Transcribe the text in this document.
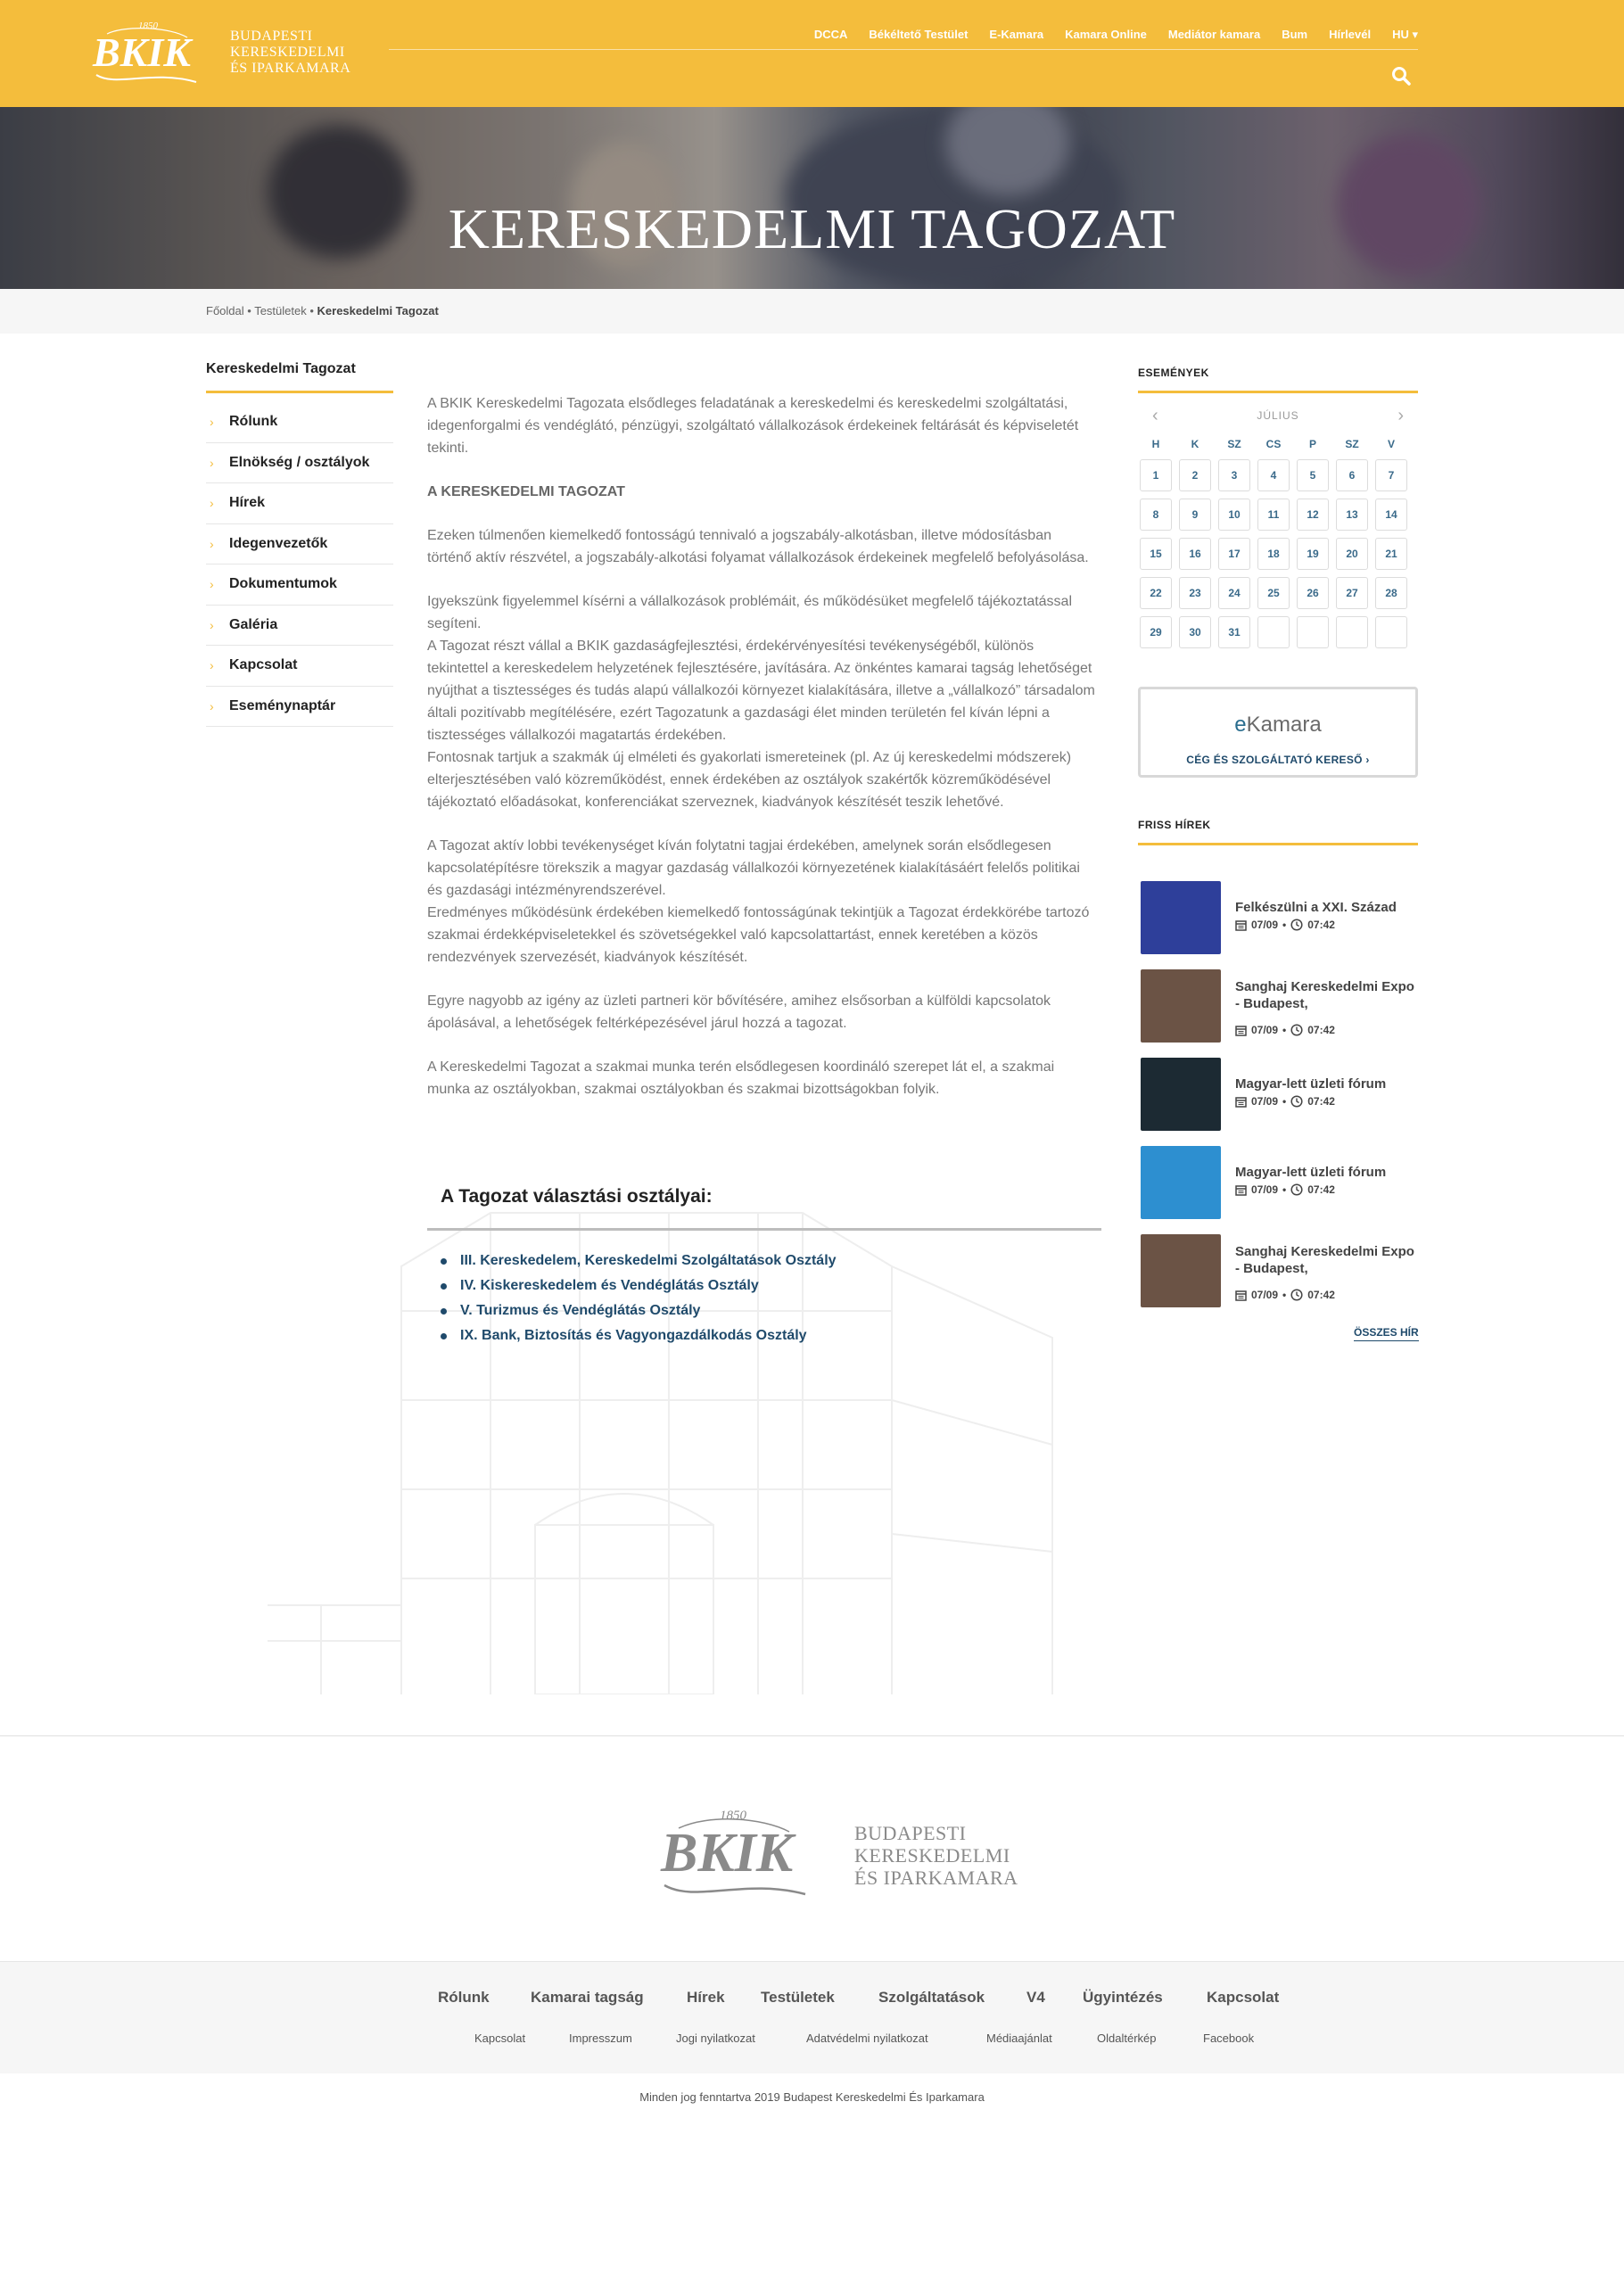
1850
BKIK	BUDAPESTI
KERESKEDELMI
ÉS IPARKAMARA
DCCA Békéltető Testület E-Kamara Kamara Online Mediátor kamara Bum Hírlevél HU ▾
KERESKEDELMI TAGOZAT
Főoldal • Testületek • Kereskedelmi Tagozat
Kereskedelmi Tagozat
›	Rólunk
›	Elnökség / osztályok
›	Hírek
›	Idegenvezetők
›	Dokumentumok
›	Galéria
›	Kapcsolat
›	Eseménynaptár

A BKIK Kereskedelmi Tagozata elsődleges feladatának a kereskedelmi és kereskedelmi szolgáltatási, idegenforgalmi és vendéglátó, pénzügyi, szolgáltató vállalkozások érdekeinek feltárását és képviseletét tekinti.

A KERESKEDELMI TAGOZAT

Ezeken túlmenően kiemelkedő fontosságú tennivaló a jogszabály-alkotásban, illetve módosításban történő aktív részvétel, a jogszabály-alkotási folyamat vállalkozások érdekeinek megfelelő befolyásolása.

Igyekszünk figyelemmel kísérni a vállalkozások problémáit, és működésüket megfelelő tájékoztatással segíteni.

A Tagozat részt vállal a BKIK gazdaságfejlesztési, érdekérvényesítési tevékenységéből, különös tekintettel a kereskedelem helyzetének fejlesztésére, javítására. Az önkéntes kamarai tagság lehetőséget nyújthat a tisztességes és tudás alapú vállalkozói környezet kialakítására, illetve a „vállalkozó” társadalom általi pozitívabb megítélésére, ezért Tagozatunk a gazdasági élet minden területén fel kíván lépni a tisztességes vállalkozói magatartás érdekében.

Fontosnak tartjuk a szakmák új elméleti és gyakorlati ismereteinek (pl. Az új kereskedelmi módszerek) elterjesztésében való közreműködést, ennek érdekében az osztályok szakértők közreműködésével tájékoztató előadásokat, konferenciákat szerveznek, kiadványok készítését teszik lehetővé.

A Tagozat aktív lobbi tevékenységet kíván folytatni tagjai érdekében, amelynek során elsődlegesen kapcsolatépítésre törekszik a magyar gazdaság vállalkozói környezetének kialakításáért felelős politikai és gazdasági intézményrendszerével.

Eredményes működésünk érdekében kiemelkedő fontosságúnak tekintjük a Tagozat érdekkörébe tartozó szakmai érdekképviseletekkel és szövetségekkel való kapcsolattartást, ennek keretében a közös rendezvények szervezését, kiadványok készítését.

Egyre nagyobb az igény az üzleti partneri kör bővítésére, amihez elsősorban a külföldi kapcsolatok ápolásával, a lehetőségek feltérképezésével járul hozzá a tagozat.

A Kereskedelmi Tagozat a szakmai munka terén elsődlegesen koordináló szerepet lát el, a szakmai munka az osztályokban, szakmai osztályokban és szakmai bizottságokban folyik.

A Tagozat választási osztályai:
III. Kereskedelem, Kereskedelmi Szolgáltatások Osztály
IV. Kiskereskedelem és Vendéglátás Osztály
V. Turizmus és Vendéglátás Osztály
IX. Bank, Biztosítás és Vagyongazdálkodás Osztály
ESEMÉNYEK
‹	JÚLIUS	›
H	K	SZ	CS	P	SZ	V
1	2	3	4	5	6	7
8	9	10	11	12	13	14
15	16	17	18	19	20	21
22	23	24	25	26	27	28
29	30	31
eKamara
CÉG ÉS SZOLGÁLTATÓ KERESŐ ›
FRISS HÍREK
Felkészülni a XXI. Század
07/09 • 07:42
Sanghaj Kereskedelmi Expo - Budapest,
07/09 • 07:42
Magyar-lett üzleti fórum
07/09 • 07:42
Magyar-lett üzleti fórum
07/09 • 07:42
Sanghaj Kereskedelmi Expo - Budapest,
07/09 • 07:42
ÖSSZES HÍR
1850
BKIK	BUDAPESTI
KERESKEDELMI
ÉS IPARKAMARA
Rólunk	Kamarai tagság	Hírek Testületek	Szolgáltatások	V4 Ügyintézés	Kapcsolat
Kapcsolat	Impresszum	Jogi nyilatkozat	Adatvédelmi nyilatkozat	Médiaajánlat	Oldaltérkép	Facebook
Minden jog fenntartva 2019 Budapest Kereskedelmi És Iparkamara
